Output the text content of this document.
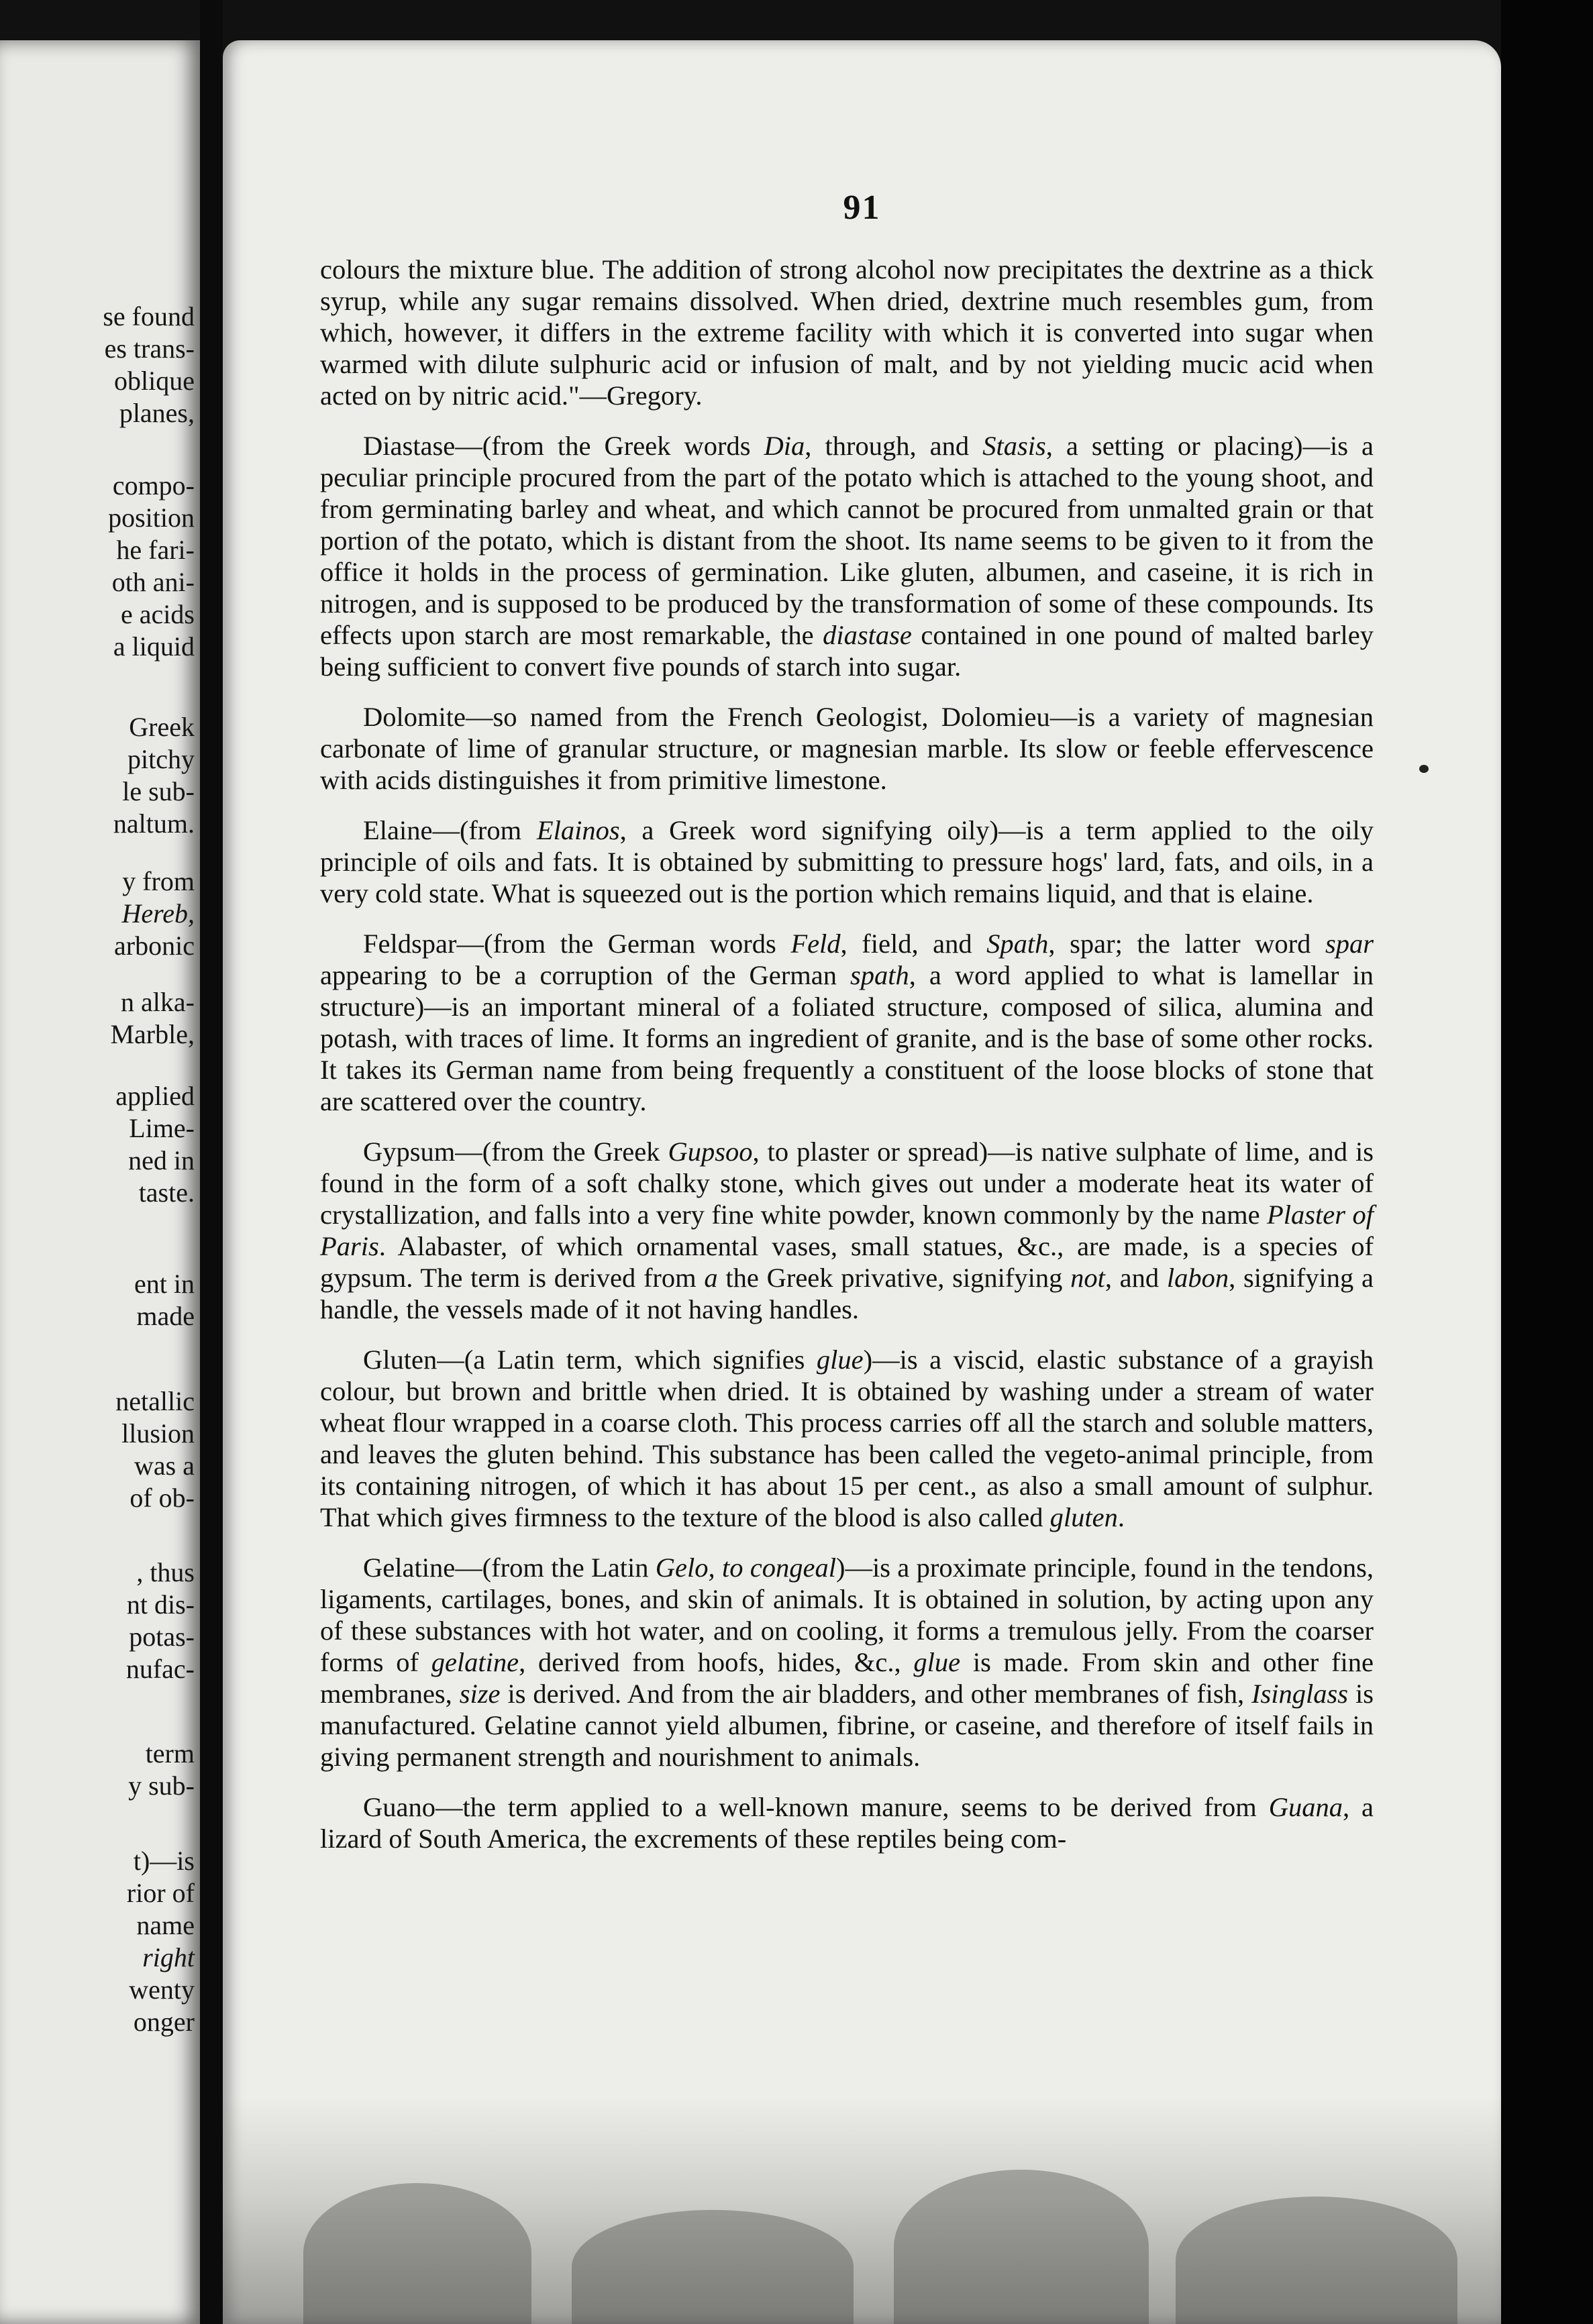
se found
es trans-
oblique
planes,
compo-
position
he fari-
oth ani-
e acids
a liquid
Greek
pitchy
le sub-
naltum.
y from
Hereb,
arbonic
n alka-
Marble,
applied
Lime-
ned in
taste.
ent in
made
netallic
llusion
was a
of ob-
, thus
nt dis-
potas-
nufac-
term
y sub-
t)—is
rior of
name
right
wenty
onger
91

colours the mixture blue. The addition of strong alcohol now precipitates the dextrine as a thick syrup, while any sugar remains dissolved. When dried, dextrine much resembles gum, from which, however, it differs in the extreme facility with which it is converted into sugar when warmed with dilute sulphuric acid or infusion of malt, and by not yielding mucic acid when acted on by nitric acid."—Gregory.

Diastase—(from the Greek words Dia, through, and Stasis, a setting or placing)—is a peculiar principle procured from the part of the potato which is attached to the young shoot, and from germinating barley and wheat, and which cannot be procured from unmalted grain or that portion of the potato, which is distant from the shoot. Its name seems to be given to it from the office it holds in the process of germination. Like gluten, albumen, and caseine, it is rich in nitrogen, and is supposed to be produced by the transformation of some of these compounds. Its effects upon starch are most remarkable, the diastase contained in one pound of malted barley being sufficient to convert five pounds of starch into sugar.

Dolomite—so named from the French Geologist, Dolomieu—is a variety of magnesian carbonate of lime of granular structure, or magnesian marble. Its slow or feeble effervescence with acids distinguishes it from primitive limestone.

Elaine—(from Elainos, a Greek word signifying oily)—is a term applied to the oily principle of oils and fats. It is obtained by submitting to pressure hogs' lard, fats, and oils, in a very cold state. What is squeezed out is the portion which remains liquid, and that is elaine.

Feldspar—(from the German words Feld, field, and Spath, spar; the latter word spar appearing to be a corruption of the German spath, a word applied to what is lamellar in structure)—is an important mineral of a foliated structure, composed of silica, alumina and potash, with traces of lime. It forms an ingredient of granite, and is the base of some other rocks. It takes its German name from being frequently a constituent of the loose blocks of stone that are scattered over the country.

Gypsum—(from the Greek Gupsoo, to plaster or spread)—is native sulphate of lime, and is found in the form of a soft chalky stone, which gives out under a moderate heat its water of crystallization, and falls into a very fine white powder, known commonly by the name Plaster of Paris. Alabaster, of which ornamental vases, small statues, &c., are made, is a species of gypsum. The term is derived from a the Greek privative, signifying not, and labon, signifying a handle, the vessels made of it not having handles.

Gluten—(a Latin term, which signifies glue)—is a viscid, elastic substance of a grayish colour, but brown and brittle when dried. It is obtained by washing under a stream of water wheat flour wrapped in a coarse cloth. This process carries off all the starch and soluble matters, and leaves the gluten behind. This substance has been called the vegeto-animal principle, from its containing nitrogen, of which it has about 15 per cent., as also a small amount of sulphur. That which gives firmness to the texture of the blood is also called gluten.

Gelatine—(from the Latin Gelo, to congeal)—is a proximate principle, found in the tendons, ligaments, cartilages, bones, and skin of animals. It is obtained in solution, by acting upon any of these substances with hot water, and on cooling, it forms a tremulous jelly. From the coarser forms of gelatine, derived from hoofs, hides, &c., glue is made. From skin and other fine membranes, size is derived. And from the air bladders, and other membranes of fish, Isinglass is manufactured. Gelatine cannot yield albumen, fibrine, or caseine, and therefore of itself fails in giving permanent strength and nourishment to animals.

Guano—the term applied to a well-known manure, seems to be derived from Guana, a lizard of South America, the excrements of these reptiles being com-
